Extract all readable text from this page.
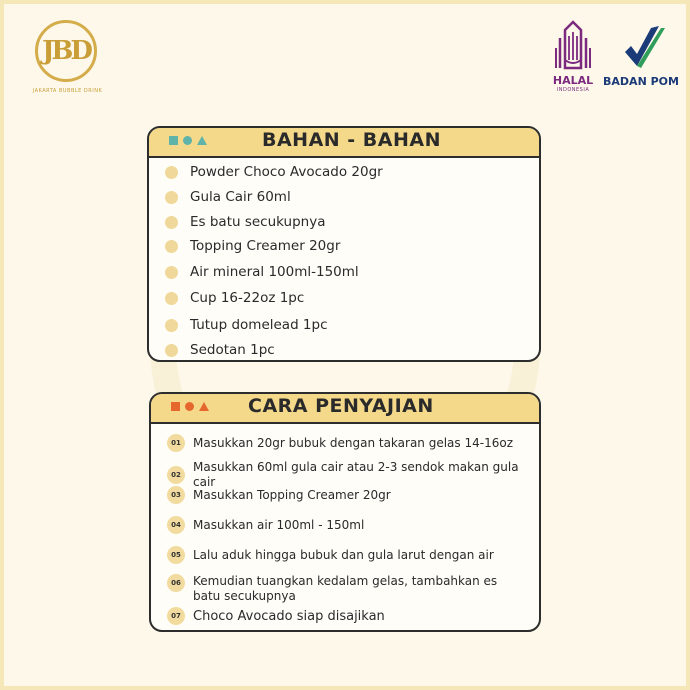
JBD
JAKARTA BUBBLE DRINK
HALAL
INDONESIA
BADAN POM
BAHAN - BAHAN
Powder Choco Avocado 20gr
Gula Cair 60ml
Es batu secukupnya
Topping Creamer 20gr
Air mineral 100ml-150ml
Cup 16-22oz 1pc
Tutup domelead 1pc
Sedotan 1pc
CARA PENYAJIAN
01	Masukkan 20gr bubuk dengan takaran gelas 14-16oz
02
Masukkan 60ml gula cair atau 2-3 sendok makan gula cair
03	Masukkan Topping Creamer 20gr
04	Masukkan air 100ml - 150ml
05	Lalu aduk hingga bubuk dan gula larut dengan air
06	Kemudian tuangkan kedalam gelas, tambahkan es batu secukupnya
07 Choco Avocado siap disajikan
